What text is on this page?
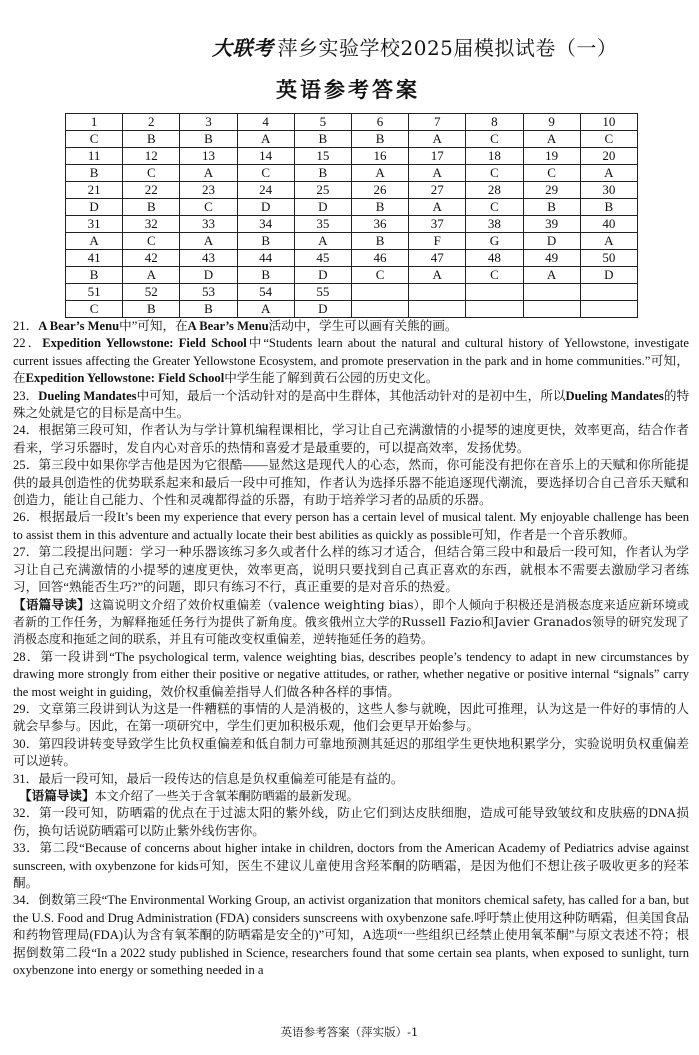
大联考 萍乡实验学校2025届模拟试卷（一）
英语参考答案
1	2	3	4	5	6	7	8	9	10
C	B	B	A	B	B	A	C	A	C
11	12	13	14	15	16	17	18	19	20
B	C	A	C	B	A	A	C	C	A
21	22	23	24	25	26	27	28	29	30
D	B	C	D	D	B	A	C	B	B
31	32	33	34	35	36	37	38	39	40
A	C	A	B	A	B	F	G	D	A
41	42	43	44	45	46	47	48	49	50
B	A	D	B	D	C	A	C	A	D
51	52	53	54	55					
C	B	B	A	D					

21．A Bear’s Menu中”可知，在A Bear’s Menu活动中，学生可以画有关熊的画。

22．Expedition Yellowstone: Field School中“Students learn about the natural and cultural history of Yellowstone, investigate current issues affecting the Greater Yellowstone Ecosystem, and promote preservation in the park and in home communities.”可知，在Expedition Yellowstone: Field School中学生能了解到黄石公园的历史文化。

23．Dueling Mandates中可知，最后一个活动针对的是高中生群体，其他活动针对的是初中生，所以Dueling Mandates的特殊之处就是它的目标是高中生。

24．根据第三段可知，作者认为与学计算机编程课相比，学习让自己充满激情的小提琴的速度更快，效率更高，结合作者看来，学习乐器时，发自内心对音乐的热情和喜爱才是最重要的，可以提高效率，发扬优势。

25．第三段中如果你学吉他是因为它很酷——显然这是现代人的心态，然而，你可能没有把你在音乐上的天赋和你所能提供的最具创造性的优势联系起来和最后一段中可推知，作者认为选择乐器不能追逐现代潮流，要选择切合自己音乐天赋和创造力，能让自己能力、个性和灵魂都得益的乐器，有助于培养学习者的品质的乐器。

26．根据最后一段It’s been my experience that every person has a certain level of musical talent. My enjoyable challenge has been to assist them in this adventure and actually locate their best abilities as quickly as possible可知，作者是一个音乐教师。

27．第二段提出问题：学习一种乐器该练习多久或者什么样的练习才适合，但结合第三段中和最后一段可知，作者认为学习让自己充满激情的小提琴的速度更快，效率更高，说明只要找到自己真正喜欢的东西，就根本不需要去激励学习者练习，回答“熟能否生巧?”的问题，即只有练习不行，真正重要的是对音乐的热爱。

【语篇导读】这篇说明文介绍了效价权重偏差（valence weighting bias），即个人倾向于积极还是消极态度来适应新环境或者新的工作任务，为解释拖延任务行为提供了新角度。俄亥俄州立大学的Russell Fazio和Javier Granados领导的研究发现了消极态度和拖延之间的联系，并且有可能改变权重偏差，逆转拖延任务的趋势。

28．第一段讲到“The psychological term, valence weighting bias, describes people’s tendency to adapt in new circumstances by drawing more strongly from either their positive or negative attitudes, or rather, whether negative or positive internal “signals” carry the most weight in guiding，效价权重偏差指导人们做各种各样的事情。

29．文章第三段讲到认为这是一件糟糕的事情的人是消极的，这些人参与就晚，因此可推理，认为这是一件好的事情的人就会早参与。因此，在第一项研究中，学生们更加积极乐观，他们会更早开始参与。

30．第四段讲转变导致学生比负权重偏差和低自制力可靠地预测其延迟的那组学生更快地积累学分，实验说明负权重偏差可以逆转。

31．最后一段可知，最后一段传达的信息是负权重偏差可能是有益的。

【语篇导读】本文介绍了一些关于含氧苯酮防晒霜的最新发现。

32．第一段可知，防晒霜的优点在于过滤太阳的紫外线，防止它们到达皮肤细胞，造成可能导致皱纹和皮肤癌的DNA损伤，换句话说防晒霜可以防止紫外线伤害你。

33．第二段“Because of concerns about higher intake in children, doctors from the American Academy of Pediatrics advise against sunscreen, with oxybenzone for kids可知，医生不建议儿童使用含羟苯酮的防晒霜，是因为他们不想让孩子吸收更多的羟苯酮。

34．倒数第三段“The Environmental Working Group, an activist organization that monitors chemical safety, has called for a ban, but the U.S. Food and Drug Administration (FDA) considers sunscreens with oxybenzone safe.呼吁禁止使用这种防晒霜，但美国食品和药物管理局(FDA)认为含有氧苯酮的防晒霜是安全的)”可知，A选项“一些组织已经禁止使用氧苯酮”与原文表述不符；根据倒数第二段“In a 2022 study published in Science, researchers found that some certain sea plants, when exposed to sunlight, turn oxybenzone into energy or something needed in a

英语参考答案（萍实版）-1
